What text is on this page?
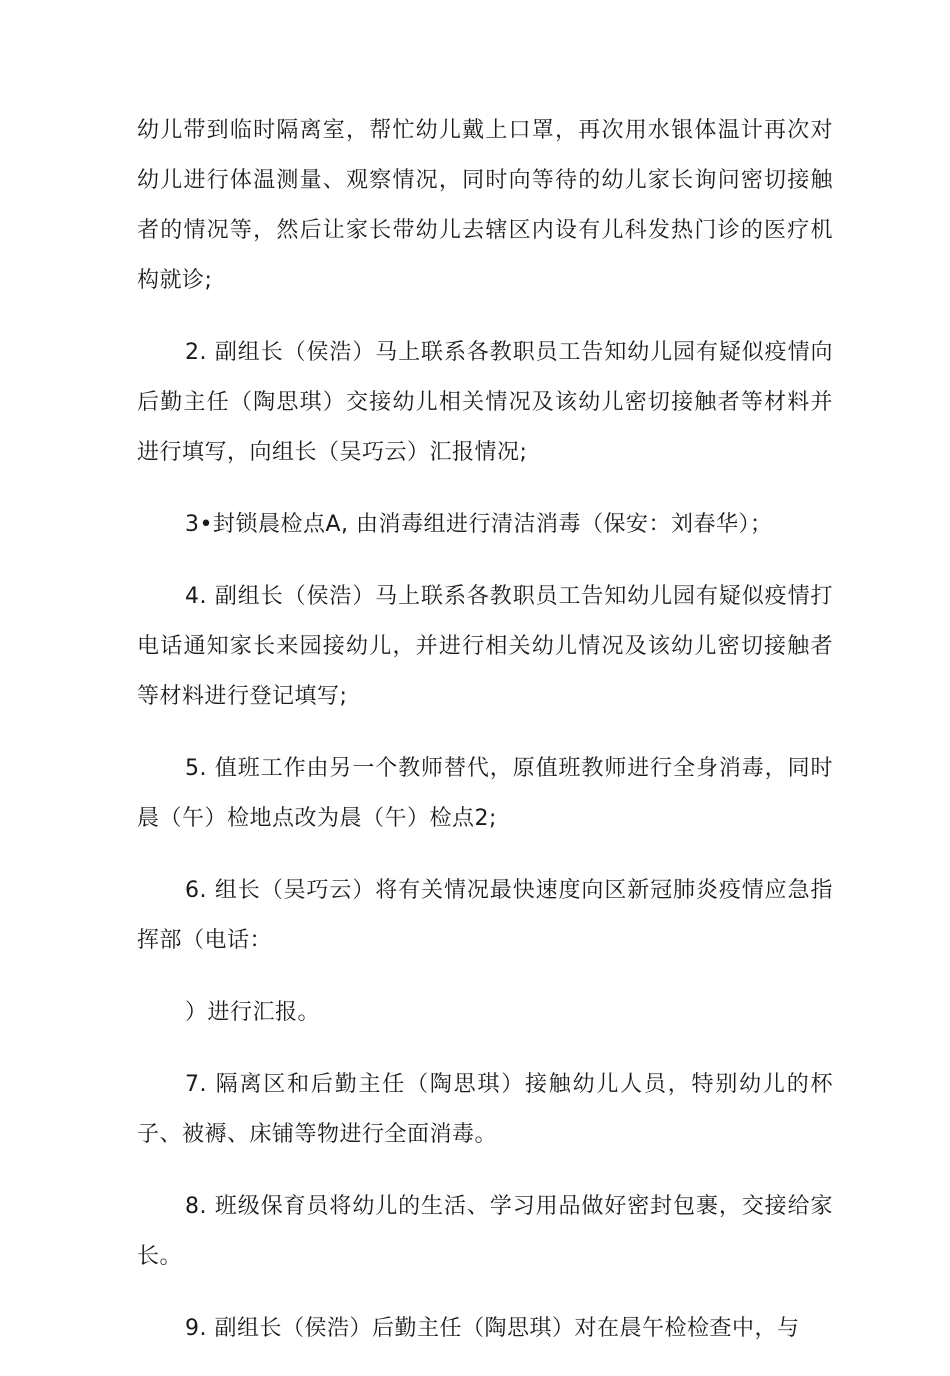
幼儿带到临时隔离室，帮忙幼儿戴上口罩，再次用水银体温计再次对幼儿进行体温测量、观察情况，同时向等待的幼儿家长询问密切接触者的情况等，然后让家长带幼儿去辖区内设有儿科发热门诊的医疗机构就诊;

2. 副组长（侯浩）马上联系各教职员工告知幼儿园有疑似疫情向后勤主任（陶思琪）交接幼儿相关情况及该幼儿密切接触者等材料并进行填写，向组长（吴巧云）汇报情况;

3•封锁晨检点A, 由消毒组进行清洁消毒（保安：刘春华）；

4. 副组长（侯浩）马上联系各教职员工告知幼儿园有疑似疫情打电话通知家长来园接幼儿，并进行相关幼儿情况及该幼儿密切接触者等材料进行登记填写;

5. 值班工作由另一个教师替代，原值班教师进行全身消毒，同时晨（午）检地点改为晨（午）检点2;

6. 组长（吴巧云）将有关情况最快速度向区新冠肺炎疫情应急指挥部（电话：

）进行汇报。

7. 隔离区和后勤主任（陶思琪）接触幼儿人员，特别幼儿的杯子、被褥、床铺等物进行全面消毒。

8. 班级保育员将幼儿的生活、学习用品做好密封包裹，交接给家长。

9. 副组长（侯浩）后勤主任（陶思琪）对在晨午检检查中，与
